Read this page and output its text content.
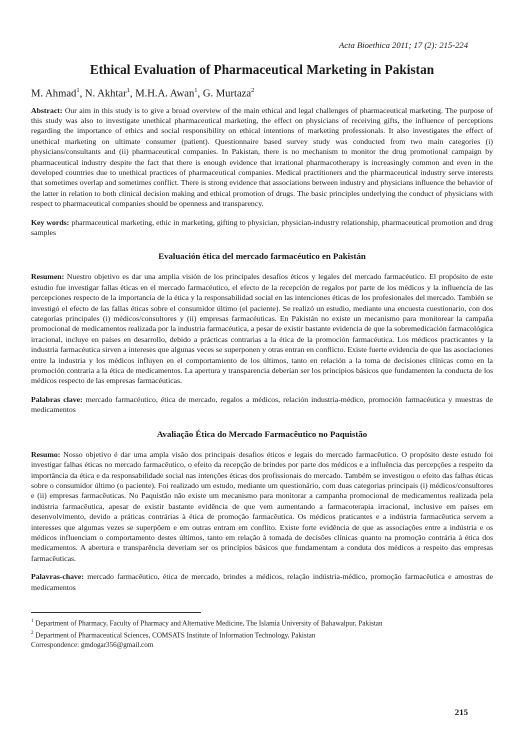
Acta Bioethica 2011; 17 (2): 215-224
Ethical Evaluation of Pharmaceutical Marketing in Pakistan

M. Ahmad$^1$, N. Akhtar$^1$, M.H.A. Awan$^1$, G. Murtaza$^2$

Abstract: Our aim in this study is to give a broad overview of the main ethical and legal challenges of pharmaceutical marketing. The purpose of this study was also to investigate unethical pharmaceutical marketing, the effect on physicians of receiving gifts, the influence of perceptions regarding the importance of ethics and social responsibility on ethical intentions of marketing professionals. It also investigates the effect of unethical marketing on ultimate consumer (patient). Questionnaire based survey study was conducted from two main categories (i) physicians/consultants and (ii) pharmaceutical companies. In Pakistan, there is no mechanism to monitor the drug promotional campaign by pharmaceutical industry despite the fact that there is enough evidence that irrational pharmacotherapy is increasingly common and even in the developed countries due to unethical practices of pharmaceutical companies. Medical practitioners and the pharmaceutical industry serve interests that sometimes overlap and sometimes conflict. There is strong evidence that associations between industry and physicians influence the behavior of the latter in relation to both clinical decision making and ethical promotion of drugs. The basic principles underlying the conduct of physicians with respect to pharmaceutical companies should be openness and transparency.

Key words: pharmaceutical marketing, ethic in marketing, gifting to physician, physician-industry relationship, pharmaceutical promotion and drug samples

Evaluación ética del mercado farmacéutico en Pakistán

Resumen: Nuestro objetivo es dar una amplia visión de los principales desafíos éticos y legales del mercado farmacéutico. El propósito de este estudio fue investigar fallas éticas en el mercado farmacéutico, el efecto de la recepción de regalos por parte de los médicos y la influencia de las percepciones respecto de la importancia de la ética y la responsabilidad social en las intenciones éticas de los profesionales del mercado. También se investigó el efecto de las fallas éticas sobre el consumidor último (el paciente). Se realizó un estudio, mediante una encuesta cuestionario, con dos categorías principales (i) médicos/consultores y (ii) empresas farmacéuticas. En Pakistán no existe un mecanismo para monitorear la campaña promocional de medicamentos realizada por la industria farmacéutica, a pesar de existir bastante evidencia de que la sobremedicación farmacológica irracional, incluye en países en desarrollo, debido a prácticas contrarias a la ética de la promoción farmacéutica. Los médicos practicantes y la industria farmacéutica sirven a intereses que algunas veces se superponen y otras entran en conflicto. Existe fuerte evidencia de que las asociaciones entre la industria y los médicos influyen en el comportamiento de los últimos, tanto en relación a la toma de decisiones clínicas como en la promoción contraria a la ética de medicamentos. La apertura y transparencia deberían ser los principios básicos que fundamenten la conducta de los médicos respecto de las empresas farmacéuticas.

Palabras clave: mercado farmacéutico, ética de mercado, regalos a médicos, relación industria-médico, promoción farmacéutica y muestras de medicamentos

Avaliação Ética do Mercado Farmacêutico no Paquistão

Resumo: Nosso objetivo é dar uma ampla visão dos principais desafios éticos e legais do mercado farmacêutico. O propósito deste estudo foi investigar falhas éticas no mercado farmacêutico, o efeito da recepção de brindes por parte dos médicos e a influência das percepções a respeito da importância da ética e da responsabilidade social nas intenções éticas dos profissionais do mercado. Também se investigou o efeito das falhas éticas sobre o consumidor último (o paciente). Foi realizado um estudo, mediante um questionário, com duas categorias principais (i) médicos/consultores e (ii) empresas farmacêuticas. No Paquistão não existe um mecanismo para monitorar a campanha promocional de medicamentos realizada pela indústria farmacêutica, apesar de existir bastante evidência de que vem aumentando a farmacoterapia irracional, inclusive em países em desenvolvimento, devido a práticas contrárias à ética de promoção farmacêutica. Os médicos praticantes e a indústria farmacêutica servem a interesses que algumas vezes se superpõem e em outras entram em conflito. Existe forte evidência de que as associações entre a indústria e os médicos influenciam o comportamento destes últimos, tanto em relação à tomada de decisões clínicas quanto na promoção contrária à ética dos medicamentos. A abertura e transparência deveriam ser os princípios básicos que fundamentam a conduta dos médicos a respeito das empresas farmacêuticas.

Palavras-chave: mercado farmacêutico, ética de mercado, brindes a médicos, relação indústria-médico, promoção farmacêutica e amostras de medicamentos

$^1$ Department of Pharmacy, Faculty of Pharmacy and Alternative Medicine, The Islamia University of Bahawalpur, Pakistan
$^2$ Department of Pharmaceutical Sciences, COMSATS Institute of Information Technology, Pakistan
Correspondence: gmdogar356@gmail.com
215
